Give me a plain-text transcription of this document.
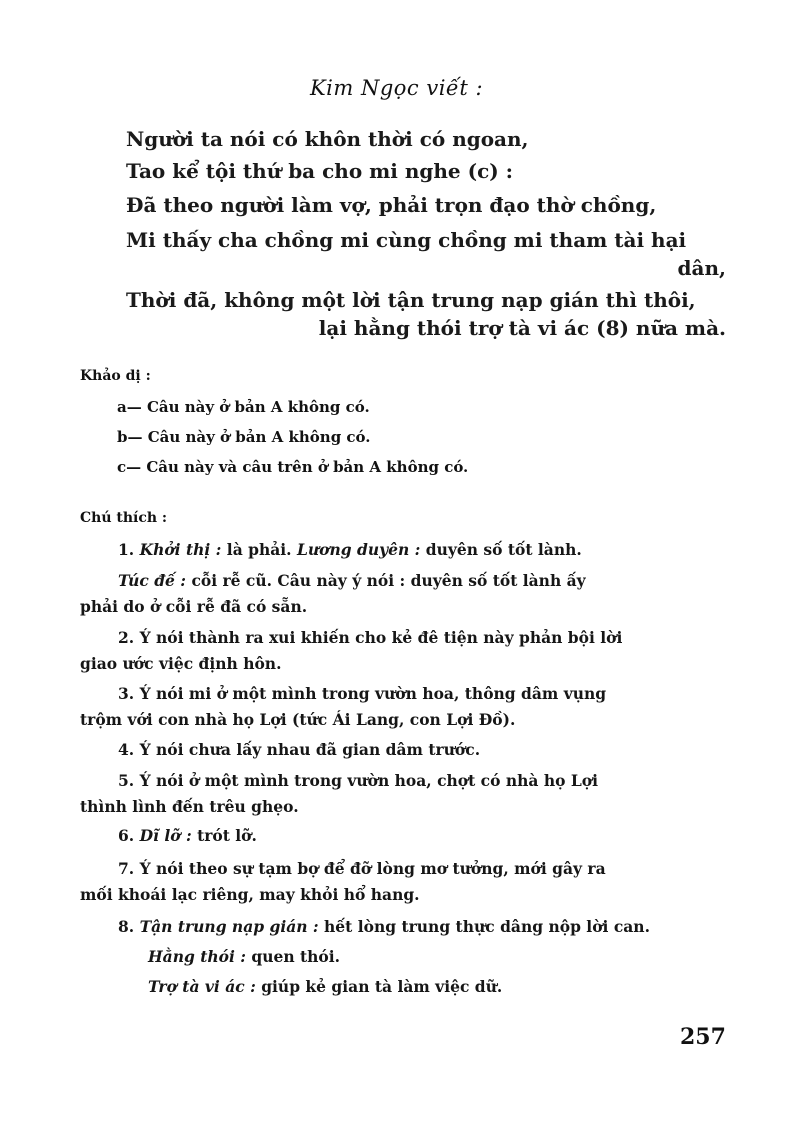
Kim Ngọc viết :
Người ta nói có khôn thời có ngoan,
Tao kể tội thứ ba cho mi nghe (c) :
Đã theo người làm vợ, phải trọn đạo thờ chồng,
Mi thấy cha chồng mi cùng chồng mi tham tài hại
dân,
Thời đã, không một lời tận trung nạp gián thì thôi,
lại hằng thói trợ tà vi ác (8) nữa mà.
Khảo dị :
a— Câu này ở bản A không có.
b— Câu này ở bản A không có.
c— Câu này và câu trên ở bản A không có.
Chú thích :
1. Khởi thị : là phải. Lương duyên : duyên số tốt lành.
Túc đế : cỗi rễ cũ. Câu này ý nói : duyên số tốt lành ấy
phải do ở cỗi rễ đã có sẵn.
2. Ý nói thành ra xui khiến cho kẻ đê tiện này phản bội lời
giao ước việc định hôn.
3. Ý nói mi ở một mình trong vườn hoa, thông dâm vụng
trộm với con nhà họ Lợi (tức Ái Lang, con Lợi Đồ).
4. Ý nói chưa lấy nhau đã gian dâm trước.
5. Ý nói ở một mình trong vườn hoa, chợt có nhà họ Lợi
thình lình đến trêu ghẹo.
6. Dĩ lỡ : trót lỡ.
7. Ý nói theo sự tạm bợ để đỡ lòng mơ tưởng, mới gây ra
mối khoái lạc riêng, may khỏi hổ hang.
8. Tận trung nạp gián : hết lòng trung thực dâng nộp lời can.
Hằng thói : quen thói.
Trợ tà vi ác : giúp kẻ gian tà làm việc dữ.
257
